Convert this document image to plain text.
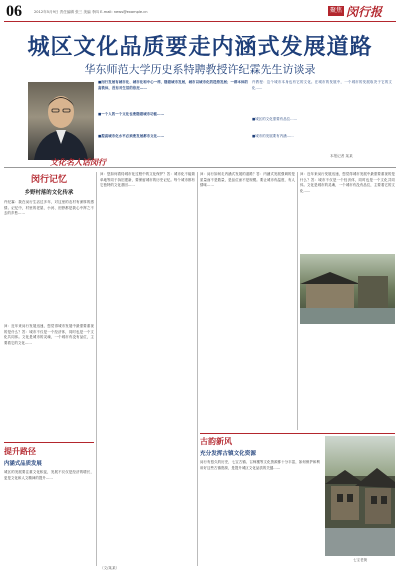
06	2012年5月9日 责任编辑 张三 美编 李四 E-mail: news@example.cn	聚焦 闵行报
城区文化品质要走内涵式发展道路
华东师范大学历史系特聘教授许纪霖先生访谈录
文化名人话闵行
■闵行发展有城市化、城市化和中心一样，随着城市发展，城市以城市化的趋势发展；一群本体的高铁体，没有对生活的依托……
■一个人的一个文化也要随着城市功能……
■提高城市化水平必须要发展都市文化……
许教授：这个城市本身也有它的文化。在城市的发展中，一个城市的发展取决于它的文化……
■城区的文化需要有品位……
■城市的发展要有内涵……
本报记者 某某
闵行记忆
乡野村落的文化传承
许纪霖：我在闵行生活过多年，对这里的农村有深厚的感情。记忆中，村里的老屋、小河、田野都是我心中挥之不去的乡愁……
提升路径
内涵式品质发展
城区的发展要注重文化积淀，发展不仅仅是经济的增长，更是文化和人文精神的提升……
问：近年来闵行发展迅速，您觉得城市发展中最需要重视的是什么？答：城市不仅是一个经济体，同时也是一个文化共同体。文化是城市的灵魂，一个城市有没有品位，主要看它的文化……
问：您如何看待城市化过程中的文化保护？答：城市化不能简单地等同于拆旧建新，要保留城市的历史记忆。每个城市都有它独特的文化基因……
问：闵行如何走内涵式发展的道路？答：内涵式发展强调的是质量而不是数量，是品位而不是规模。要让城市有温度，有人情味……
问：近年来闵行发展迅速，您觉得城市发展中最需要重视的是什么？答：城市不仅是一个经济体，同时也是一个文化共同体。文化是城市的灵魂，一个城市有没有品位，主要看它的文化……
古韵新风
充分发挥古镇文化资源
闵行有悠久的历史，七宝古镇、召稼楼等文化资源都十分丰富，如何保护和利用好这些古镇资源，是提升城区文化品质的关键……
七宝老街
（文/某某）
